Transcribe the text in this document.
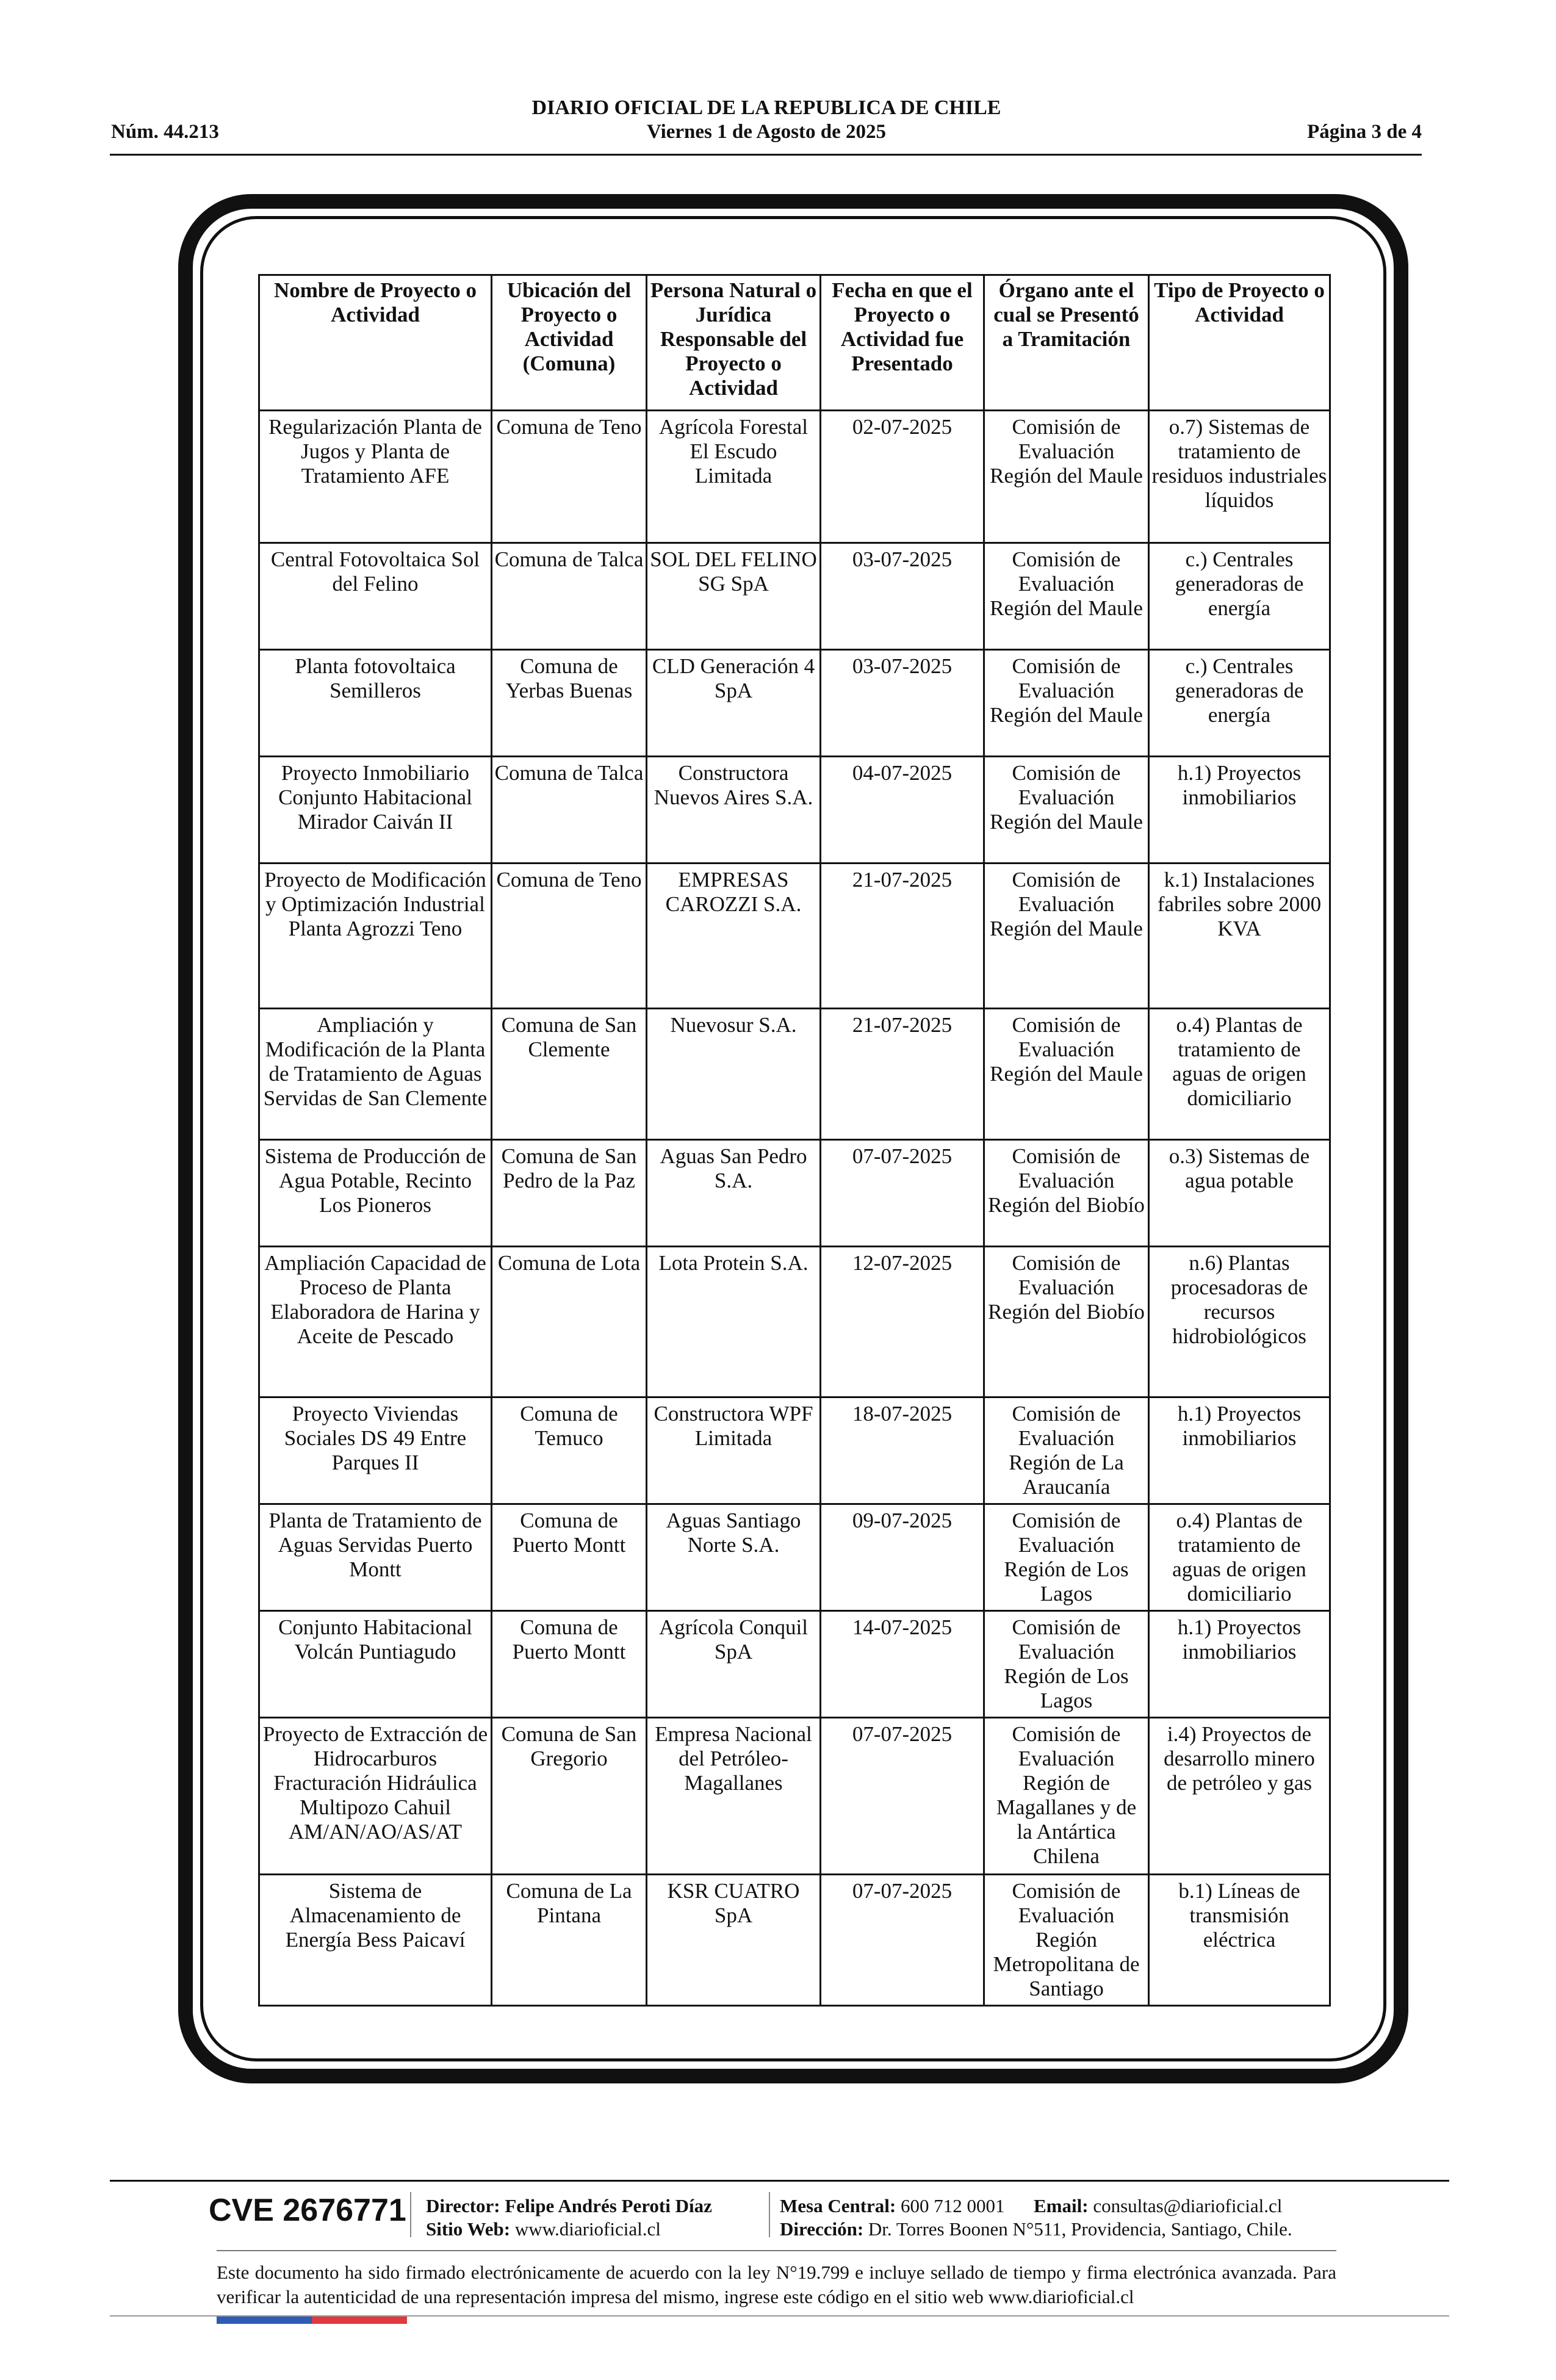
Núm. 44.213
DIARIO OFICIAL DE LA REPUBLICA DE CHILE
Viernes 1 de Agosto de 2025	Página 3 de 4
Nombre de Proyecto o Actividad	Ubicación del Proyecto o Actividad (Comuna)	Persona Natural o Jurídica Responsable del Proyecto o Actividad	Fecha en que el Proyecto o Actividad fue Presentado	Órgano ante el cual se Presentó a Tramitación	Tipo de Proyecto o Actividad
Regularización Planta de Jugos y Planta de Tratamiento AFE	Comuna de Teno	Agrícola Forestal El Escudo Limitada	02-07-2025	Comisión de Evaluación Región del Maule	o.7) Sistemas de tratamiento de residuos industriales líquidos
Central Fotovoltaica Sol del Felino	Comuna de Talca	SOL DEL FELINO SG SpA	03-07-2025	Comisión de Evaluación Región del Maule	c.) Centrales generadoras de energía
Planta fotovoltaica Semilleros	Comuna de Yerbas Buenas	CLD Generación 4 SpA	03-07-2025	Comisión de Evaluación Región del Maule	c.) Centrales generadoras de energía
Proyecto Inmobiliario Conjunto Habitacional Mirador Caiván II	Comuna de Talca	Constructora Nuevos Aires S.A.	04-07-2025	Comisión de Evaluación Región del Maule	h.1) Proyectos inmobiliarios
Proyecto de Modificación y Optimización Industrial Planta Agrozzi Teno	Comuna de Teno	EMPRESAS CAROZZI S.A.	21-07-2025	Comisión de Evaluación Región del Maule	k.1) Instalaciones fabriles sobre 2000 KVA
Ampliación y Modificación de la Planta de Tratamiento de Aguas Servidas de San Clemente	Comuna de San Clemente	Nuevosur S.A.	21-07-2025	Comisión de Evaluación Región del Maule	o.4) Plantas de tratamiento de aguas de origen domiciliario
Sistema de Producción de Agua Potable, Recinto Los Pioneros	Comuna de San Pedro de la Paz	Aguas San Pedro S.A.	07-07-2025	Comisión de Evaluación Región del Biobío	o.3) Sistemas de agua potable
Ampliación Capacidad de Proceso de Planta Elaboradora de Harina y Aceite de Pescado	Comuna de Lota	Lota Protein S.A.	12-07-2025	Comisión de Evaluación Región del Biobío	n.6) Plantas procesadoras de recursos hidrobiológicos
Proyecto Viviendas Sociales DS 49 Entre Parques II	Comuna de Temuco	Constructora WPF Limitada	18-07-2025	Comisión de Evaluación Región de La Araucanía	h.1) Proyectos inmobiliarios
Planta de Tratamiento de Aguas Servidas Puerto Montt	Comuna de Puerto Montt	Aguas Santiago Norte S.A.	09-07-2025	Comisión de Evaluación Región de Los Lagos	o.4) Plantas de tratamiento de aguas de origen domiciliario
Conjunto Habitacional Volcán Puntiagudo	Comuna de Puerto Montt	Agrícola Conquil SpA	14-07-2025	Comisión de Evaluación Región de Los Lagos	h.1) Proyectos inmobiliarios
Proyecto de Extracción de Hidrocarburos Fracturación Hidráulica Multipozo Cahuil AM/AN/AO/AS/AT	Comuna de San Gregorio	Empresa Nacional del Petróleo-Magallanes	07-07-2025	Comisión de Evaluación Región de Magallanes y de la Antártica Chilena	i.4) Proyectos de desarrollo minero de petróleo y gas
Sistema de Almacenamiento de Energía Bess Paicaví	Comuna de La Pintana	KSR CUATRO SpA	07-07-2025	Comisión de Evaluación Región Metropolitana de Santiago	b.1) Líneas de transmisión eléctrica
CVE 2676771 Director: Felipe Andrés Peroti Díaz
Sitio Web: www.diarioficial.cl
Mesa Central: 600 712 0001 Email: consultas@diarioficial.cl
Dirección: Dr. Torres Boonen N°511, Providencia, Santiago, Chile.
Este documento ha sido firmado electrónicamente de acuerdo con la ley N°19.799 e incluye sellado de tiempo y firma electrónica avanzada. Para verificar la autenticidad de una representación impresa del mismo, ingrese este código en el sitio web www.diarioficial.cl
